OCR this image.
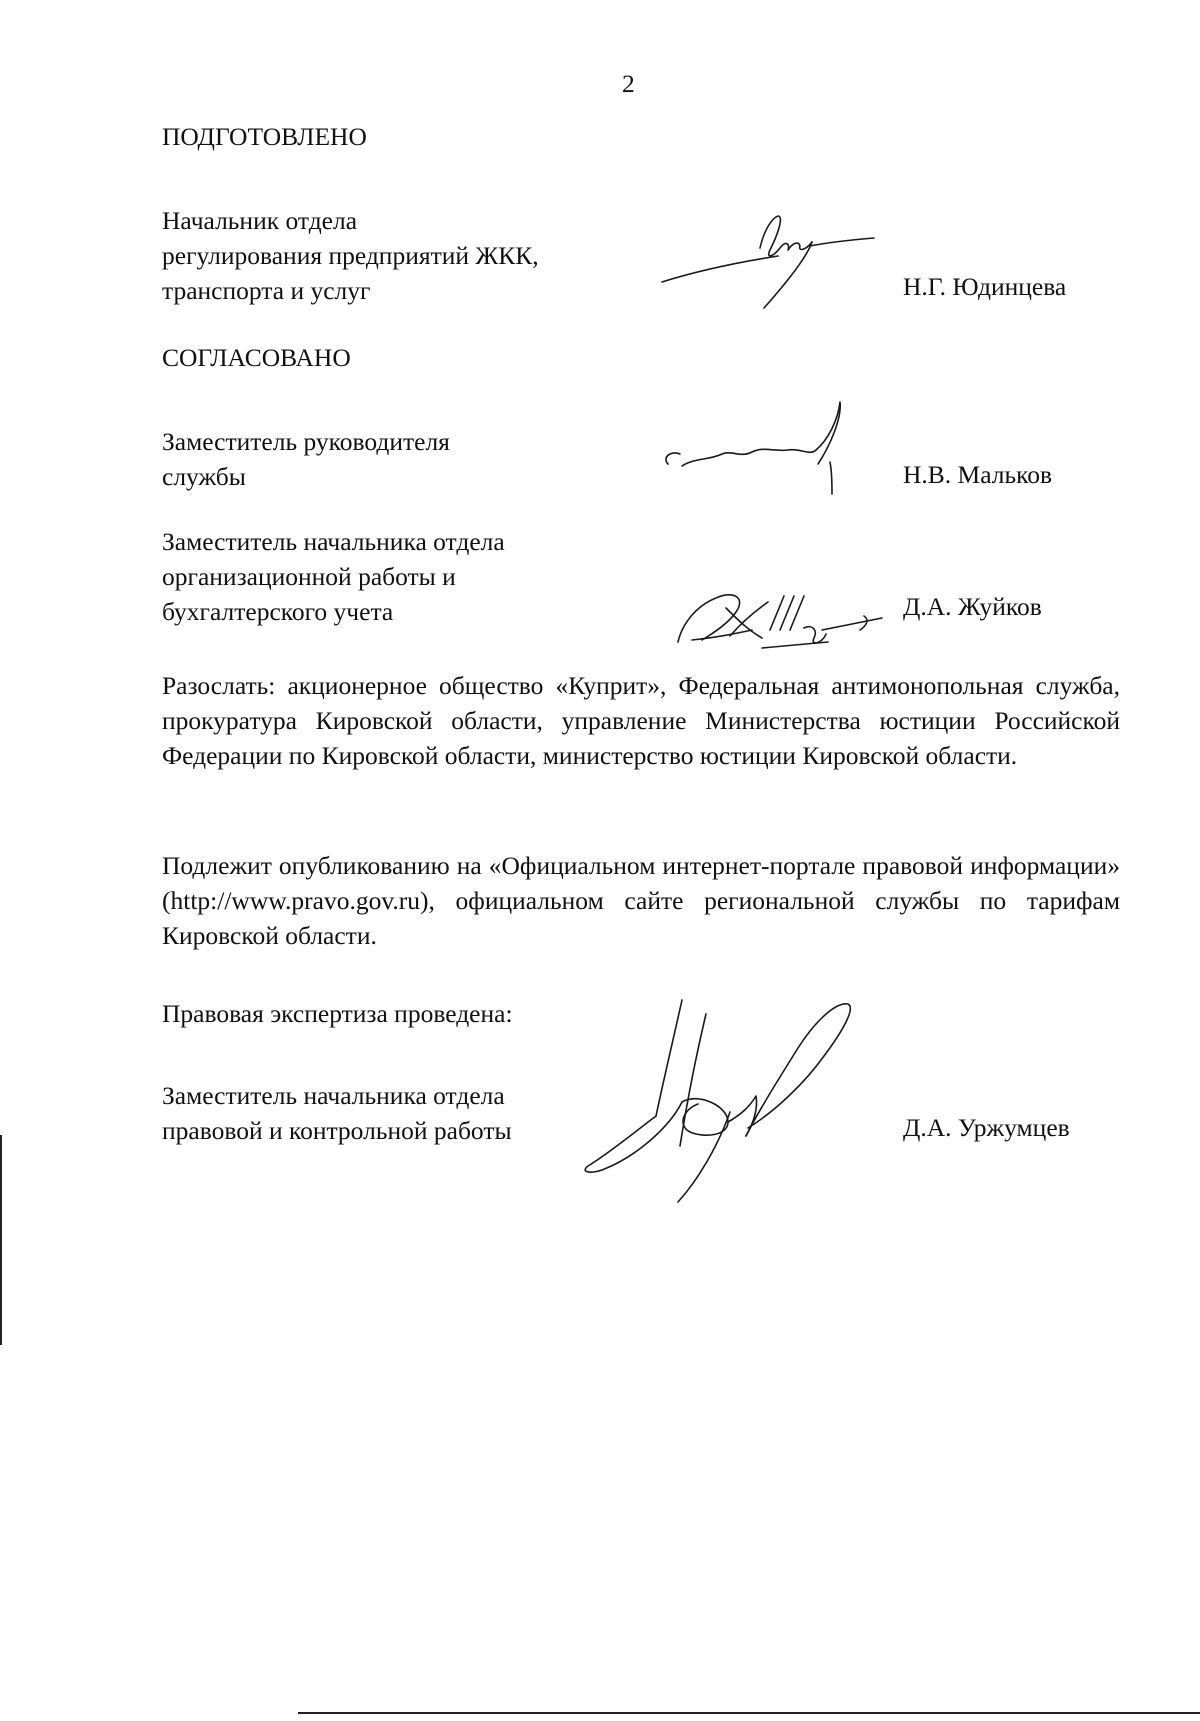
2
ПОДГОТОВЛЕНО
Начальник отдела
регулирования предприятий ЖКК,
транспорта и услуг	Н.Г. Юдинцева
СОГЛАСОВАНО
Заместитель руководителя
службы	Н.В. Мальков
Заместитель начальника отдела
организационной работы и
бухгалтерского учета	Д.А. Жуйков
Разослать: акционерное общество «Куприт», Федеральная антимонопольная служба, прокуратура Кировской области, управление Министерства юстиции Российской Федерации по Кировской области, министерство юстиции Кировской области.
Подлежит опубликованию на «Официальном интернет-портале правовой информации» (http://www.pravo.gov.ru), официальном сайте региональной службы по тарифам Кировской области.
Правовая экспертиза проведена:
Заместитель начальника отдела
правовой и контрольной работы	Д.А. Уржумцев
